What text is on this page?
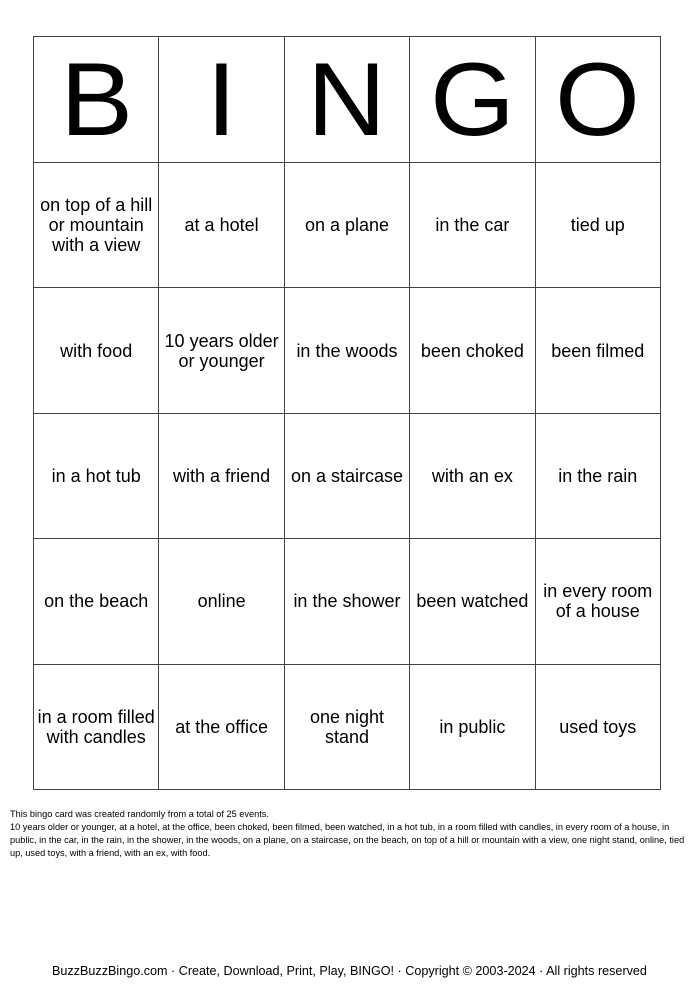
B	I	N	G	O
on top of a hill or mountain with a view	at a hotel	on a plane	in the car	tied up
with food	10 years older or younger	in the woods	been choked	been filmed
in a hot tub	with a friend	on a staircase	with an ex	in the rain
on the beach	online	in the shower	been watched	in every room of a house
in a room filled with candles	at the office	one night stand	in public	used toys

This bingo card was created randomly from a total of 25 events.

10 years older or younger, at a hotel, at the office, been choked, been filmed, been watched, in a hot tub, in a room filled with candles, in every room of a house, in public, in the car, in the rain, in the shower, in the woods, on a plane, on a staircase, on the beach, on top of a hill or mountain with a view, one night stand, online, tied up, used toys, with a friend, with an ex, with food.

BuzzBuzzBingo.com · Create, Download, Print, Play, BINGO! · Copyright © 2003-2024 · All rights reserved
